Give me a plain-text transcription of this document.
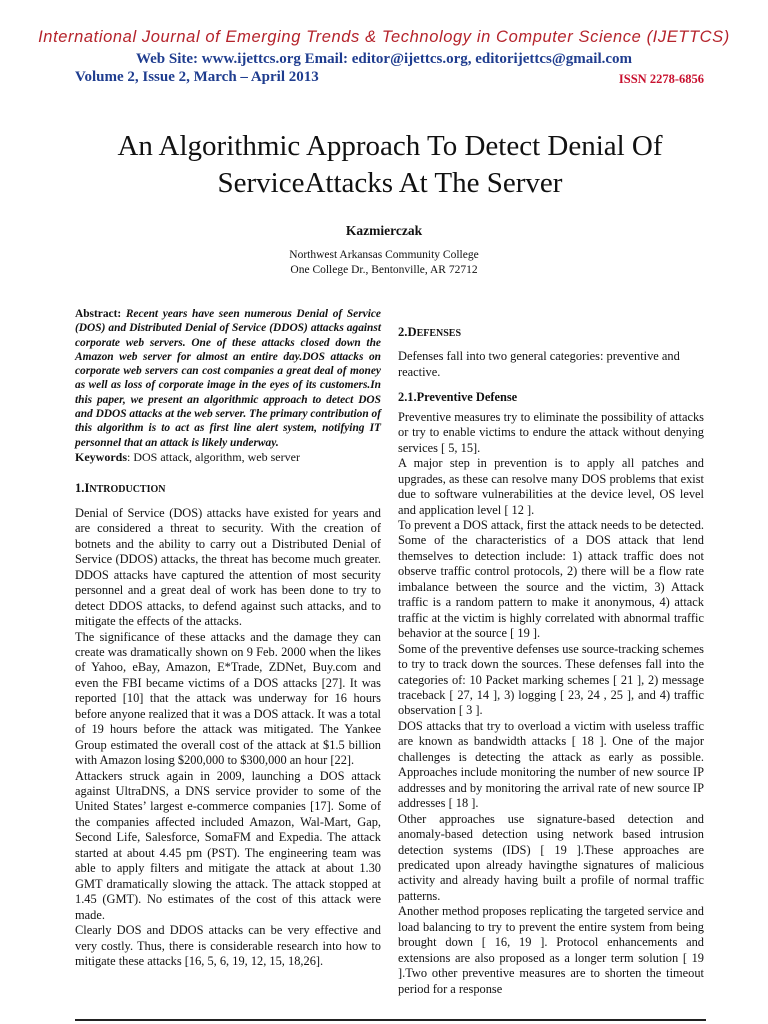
International Journal of Emerging Trends & Technology in Computer Science (IJETTCS)
Web Site: www.ijettcs.org Email: editor@ijettcs.org, editorijettcs@gmail.com
Volume 2, Issue 2, March – April 2013	ISSN 2278-6856
An Algorithmic Approach To Detect Denial Of ServiceAttacks At The Server
Kazmierczak
Northwest Arkansas Community College
One College Dr., Bentonville, AR 72712

Abstract: Recent years have seen numerous Denial of Service (DOS) and Distributed Denial of Service (DDOS) attacks against corporate web servers. One of these attacks closed down the Amazon web server for almost an entire day.DOS attacks on corporate web servers can cost companies a great deal of money as well as loss of corporate image in the eyes of its customers.In this paper, we present an algorithmic approach to detect DOS and DDOS attacks at the web server. The primary contribution of this algorithm is to act as first line alert system, notifying IT personnel that an attack is likely underway.

Keywords: DOS attack, algorithm, web server

1.INTRODUCTION

Denial of Service (DOS) attacks have existed for years and are considered a threat to security. With the creation of botnets and the ability to carry out a Distributed Denial of Service (DDOS) attacks, the threat has become much greater. DDOS attacks have captured the attention of most security personnel and a great deal of work has been done to try to detect DDOS attacks, to defend against such attacks, and to mitigate the effects of the attacks.

The significance of these attacks and the damage they can create was dramatically shown on 9 Feb. 2000 when the likes of Yahoo, eBay, Amazon, E*Trade, ZDNet, Buy.com and even the FBI became victims of a DOS attacks [27]. It was reported [10] that the attack was underway for 16 hours before anyone realized that it was a DOS attack. It was a total of 19 hours before the attack was mitigated. The Yankee Group estimated the overall cost of the attack at $1.5 billion with Amazon losing $200,000 to $300,000 an hour [22].

Attackers struck again in 2009, launching a DOS attack against UltraDNS, a DNS service provider to some of the United States’ largest e-commerce companies [17]. Some of the companies affected included Amazon, Wal-Mart, Gap, Second Life, Salesforce, SomaFM and Expedia. The attack started at about 4.45 pm (PST). The engineering team was able to apply filters and mitigate the attack at about 1.30 GMT dramatically slowing the attack. The attack stopped at 1.45 (GMT). No estimates of the cost of this attack were made.

Clearly DOS and DDOS attacks can be very effective and very costly. Thus, there is considerable research into how to mitigate these attacks [16, 5, 6, 19, 12, 15, 18,26].

2.DEFENSES

Defenses fall into two general categories: preventive and reactive.

2.1.Preventive Defense

Preventive measures try to eliminate the possibility of attacks or try to enable victims to endure the attack without denying services [ 5, 15].

A major step in prevention is to apply all patches and upgrades, as these can resolve many DOS problems that exist due to software vulnerabilities at the device level, OS level and application level [ 12 ].

To prevent a DOS attack, first the attack needs to be detected. Some of the characteristics of a DOS attack that lend themselves to detection include: 1) attack traffic does not observe traffic control protocols, 2) there will be a flow rate imbalance between the source and the victim, 3) Attack traffic is a random pattern to make it anonymous, 4) attack traffic at the victim is highly correlated with abnormal traffic behavior at the source [ 19 ].

Some of the preventive defenses use source-tracking schemes to try to track down the sources. These defenses fall into the categories of: 10 Packet marking schemes [ 21 ], 2) message traceback [ 27, 14 ], 3) logging [ 23, 24 , 25 ], and 4) traffic observation [ 3 ].

DOS attacks that try to overload a victim with useless traffic are known as bandwidth attacks [ 18 ]. One of the major challenges is detecting the attack as early as possible. Approaches include monitoring the number of new source IP addresses and by monitoring the arrival rate of new source IP addresses [ 18 ].

Other approaches use signature-based detection and anomaly-based detection using network based intrusion detection systems (IDS) [ 19 ].These approaches are predicated upon already havingthe signatures of malicious activity and already having built a profile of normal traffic patterns.

Another method proposes replicating the targeted service and load balancing to try to prevent the entire system from being brought down [ 16, 19 ]. Protocol enhancements and extensions are also proposed as a longer term solution [ 19 ].Two other preventive measures are to shorten the timeout period for a response
